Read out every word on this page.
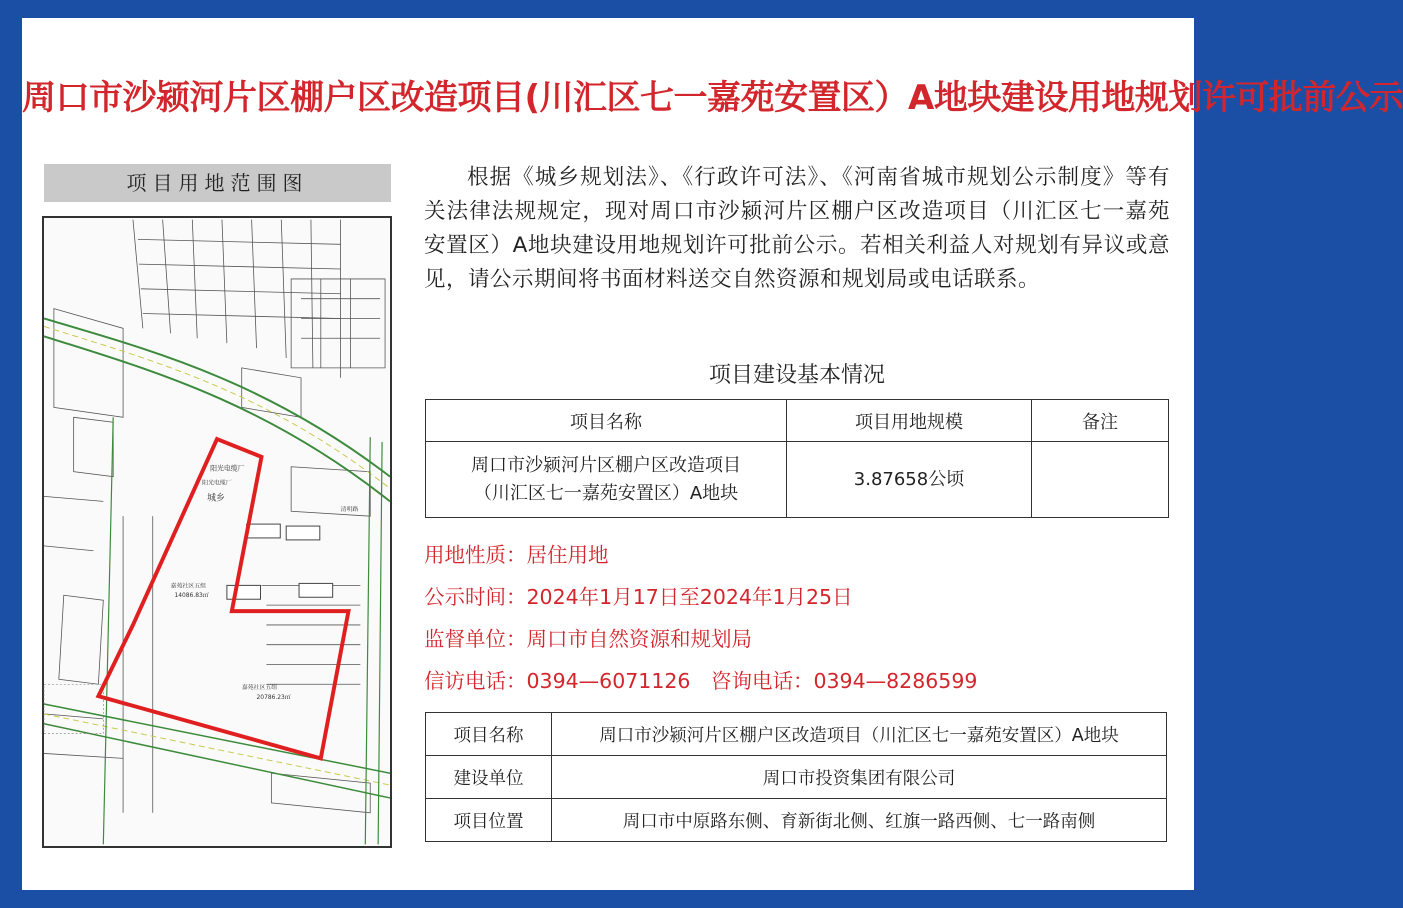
周口市沙颍河片区棚户区改造项目(川汇区七一嘉苑安置区）A地块建设用地规划许可批前公示
项目用地范围图
阳光电缆厂
阳光电缆厂
城乡
嘉苑社区五组
14086.83㎡
嘉苑社区五组
20786.23㎡
清明路
根据《城乡规划法》、《行政许可法》、《河南省城市规划公示制度》等有关法律法规规定，现对周口市沙颍河片区棚户区改造项目（川汇区七一嘉苑安置区）A地块建设用地规划许可批前公示。若相关利益人对规划有异议或意见，请公示期间将书面材料送交自然资源和规划局或电话联系。
项目建设基本情况
项目名称	项目用地规模	备注

周口市沙颍河片区棚户区改造项目
（川汇区七一嘉苑安置区）A地块	3.87658公顷	
用地性质：居住用地
公示时间：2024年1月17日至2024年1月25日
监督单位：周口市自然资源和规划局
信访电话：0394—6071126　咨询电话：0394—8286599
项目名称	周口市沙颍河片区棚户区改造项目（川汇区七一嘉苑安置区）A地块
建设单位	周口市投资集团有限公司
项目位置	周口市中原路东侧、育新街北侧、红旗一路西侧、七一路南侧
